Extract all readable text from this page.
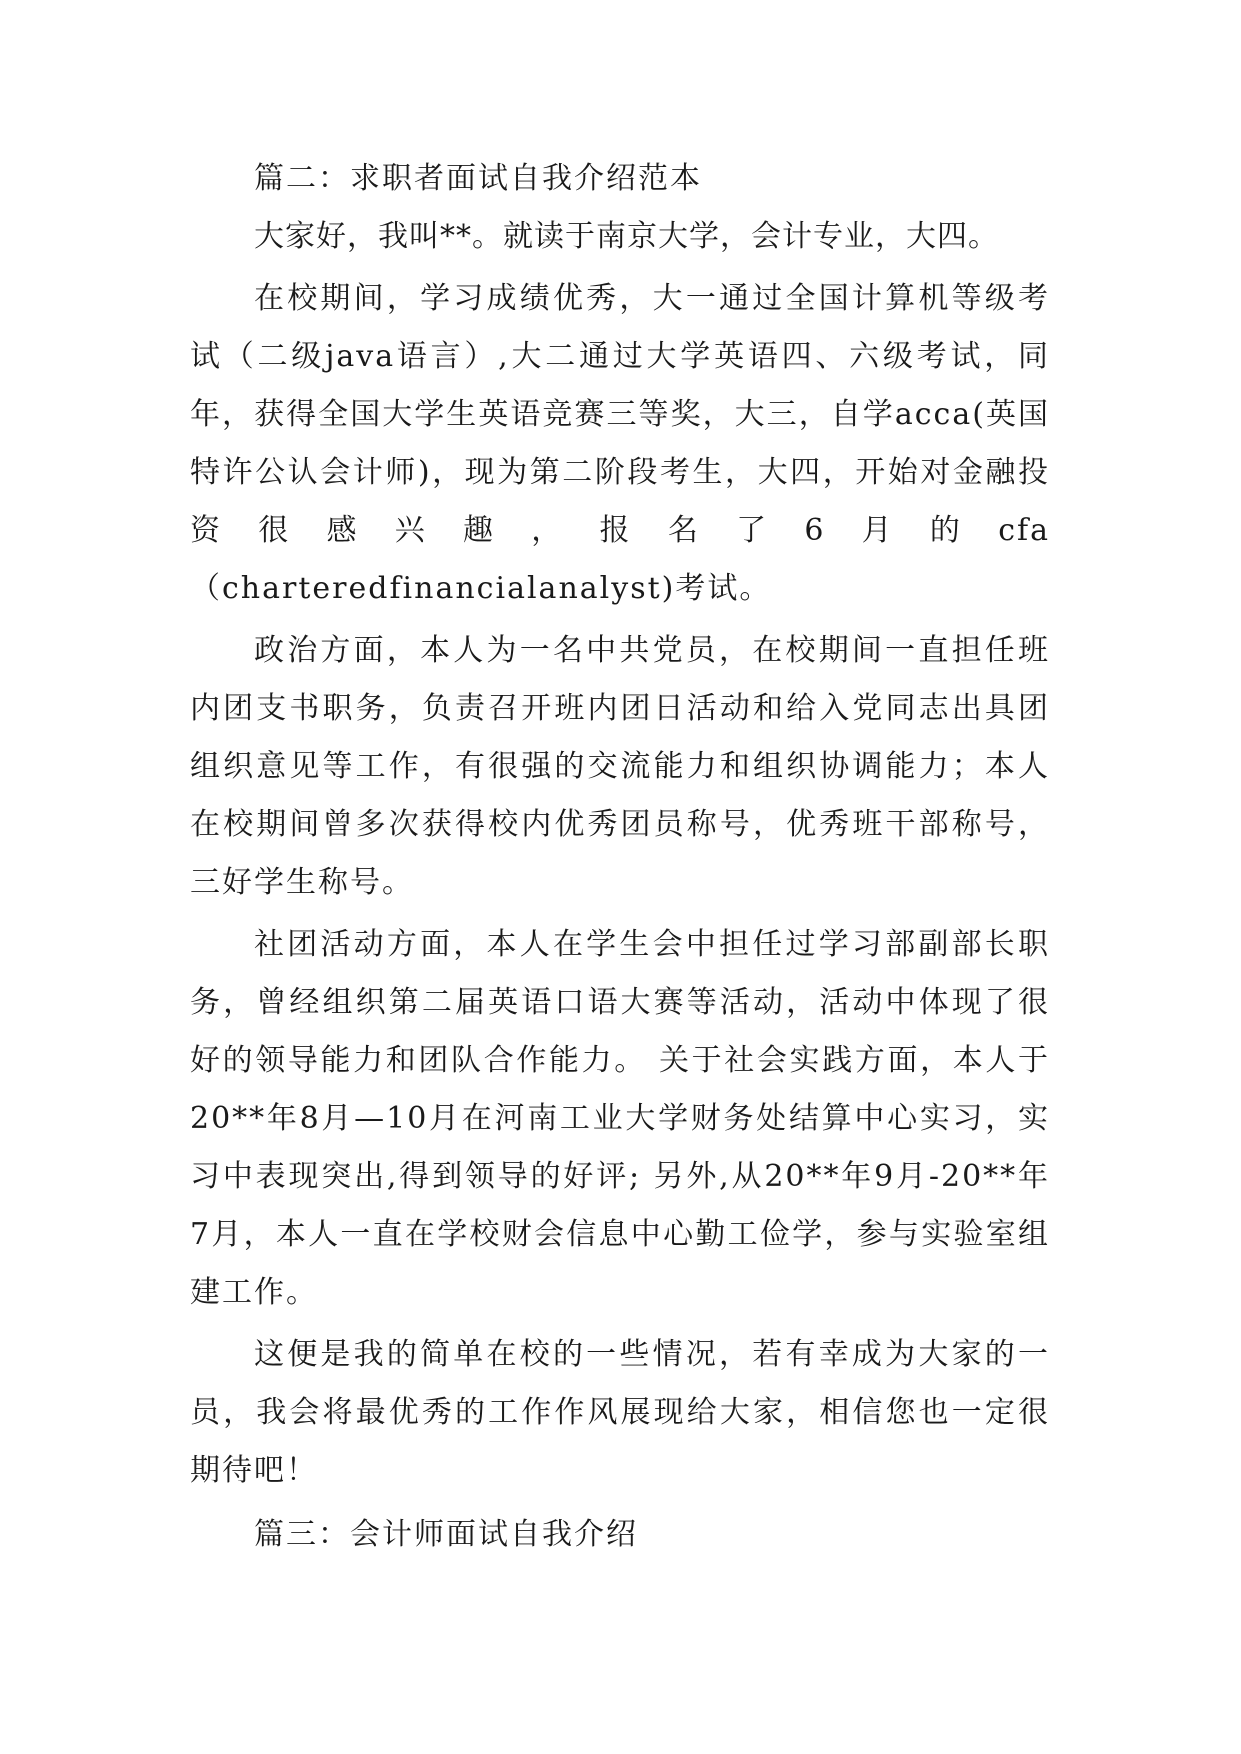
篇二：求职者面试自我介绍范本

大家好，我叫**。就读于南京大学，会计专业，大四。

在校期间，学习成绩优秀，大一通过全国计算机等级考试（二级java语言）,大二通过大学英语四、六级考试，同年，获得全国大学生英语竞赛三等奖，大三，自学acca(英国特许公认会计师)，现为第二阶段考生，大四，开始对金融投资很感兴趣，报名了6月的cfa（charteredfinancialanalyst)考试。

政治方面，本人为一名中共党员，在校期间一直担任班内团支书职务，负责召开班内团日活动和给入党同志出具团组织意见等工作，有很强的交流能力和组织协调能力；本人在校期间曾多次获得校内优秀团员称号，优秀班干部称号，三好学生称号。

社团活动方面，本人在学生会中担任过学习部副部长职务，曾经组织第二届英语口语大赛等活动，活动中体现了很好的领导能力和团队合作能力。 关于社会实践方面，本人于20**年8月—10月在河南工业大学财务处结算中心实习，实习中表现突出,得到领导的好评; 另外,从20**年9月-20**年7月，本人一直在学校财会信息中心勤工俭学，参与实验室组建工作。

这便是我的简单在校的一些情况，若有幸成为大家的一员，我会将最优秀的工作作风展现给大家，相信您也一定很期待吧！

篇三：会计师面试自我介绍
